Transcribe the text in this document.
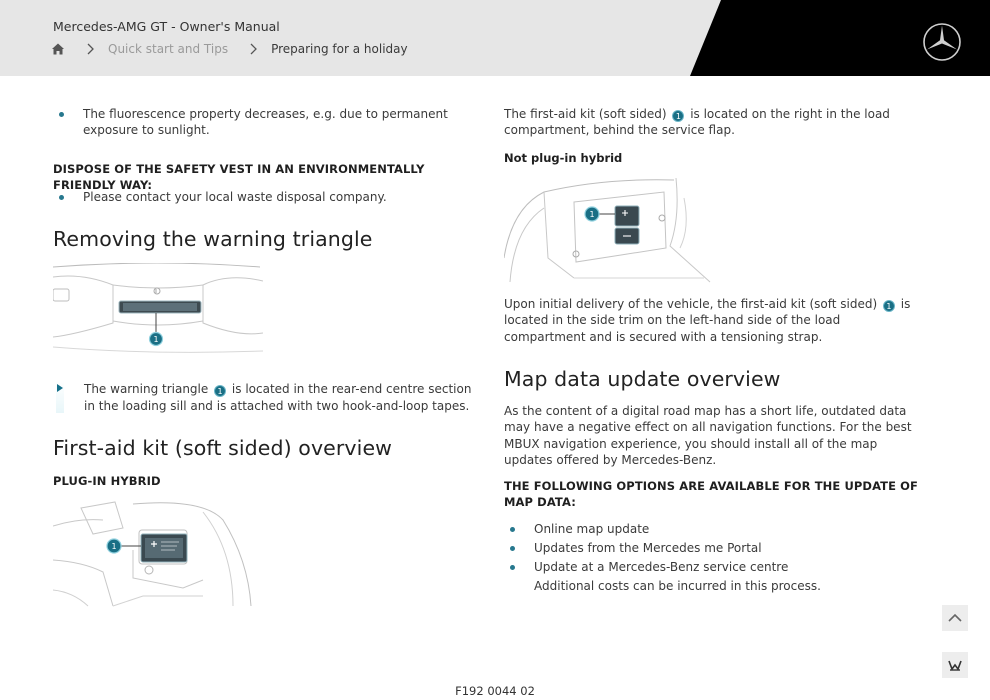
Mercedes-AMG GT - Owner's Manual
Quick start and Tips	Preparing for a holiday
The fluorescence property decreases, e.g. due to permanent exposure to sunlight.
DISPOSE OF THE SAFETY VEST IN AN ENVIRONMENTALLY FRIENDLY WAY:
Please contact your local waste disposal company.
Removing the warning triangle
1
The warning triangle 1 is located in the rear-end centre section in the loading sill and is attached with two hook-and-loop tapes.
First-aid kit (soft sided) overview
PLUG-IN HYBRID
1
The first-aid kit (soft sided) 1 is located on the right in the load compartment, behind the service flap.
Not plug-in hybrid
1
Upon initial delivery of the vehicle, the first-aid kit (soft sided) 1 is located in the side trim on the left-hand side of the load compartment and is secured with a tensioning strap.
Map data update overview
As the content of a digital road map has a short life, outdated data may have a negative effect on all navigation functions. For the best MBUX navigation experience, you should install all of the map updates offered by Mercedes-Benz.
THE FOLLOWING OPTIONS ARE AVAILABLE FOR THE UPDATE OF MAP DATA:
Online map update
Updates from the Mercedes me Portal
Update at a Mercedes-Benz service centre
Additional costs can be incurred in this process.
F192 0044 02
